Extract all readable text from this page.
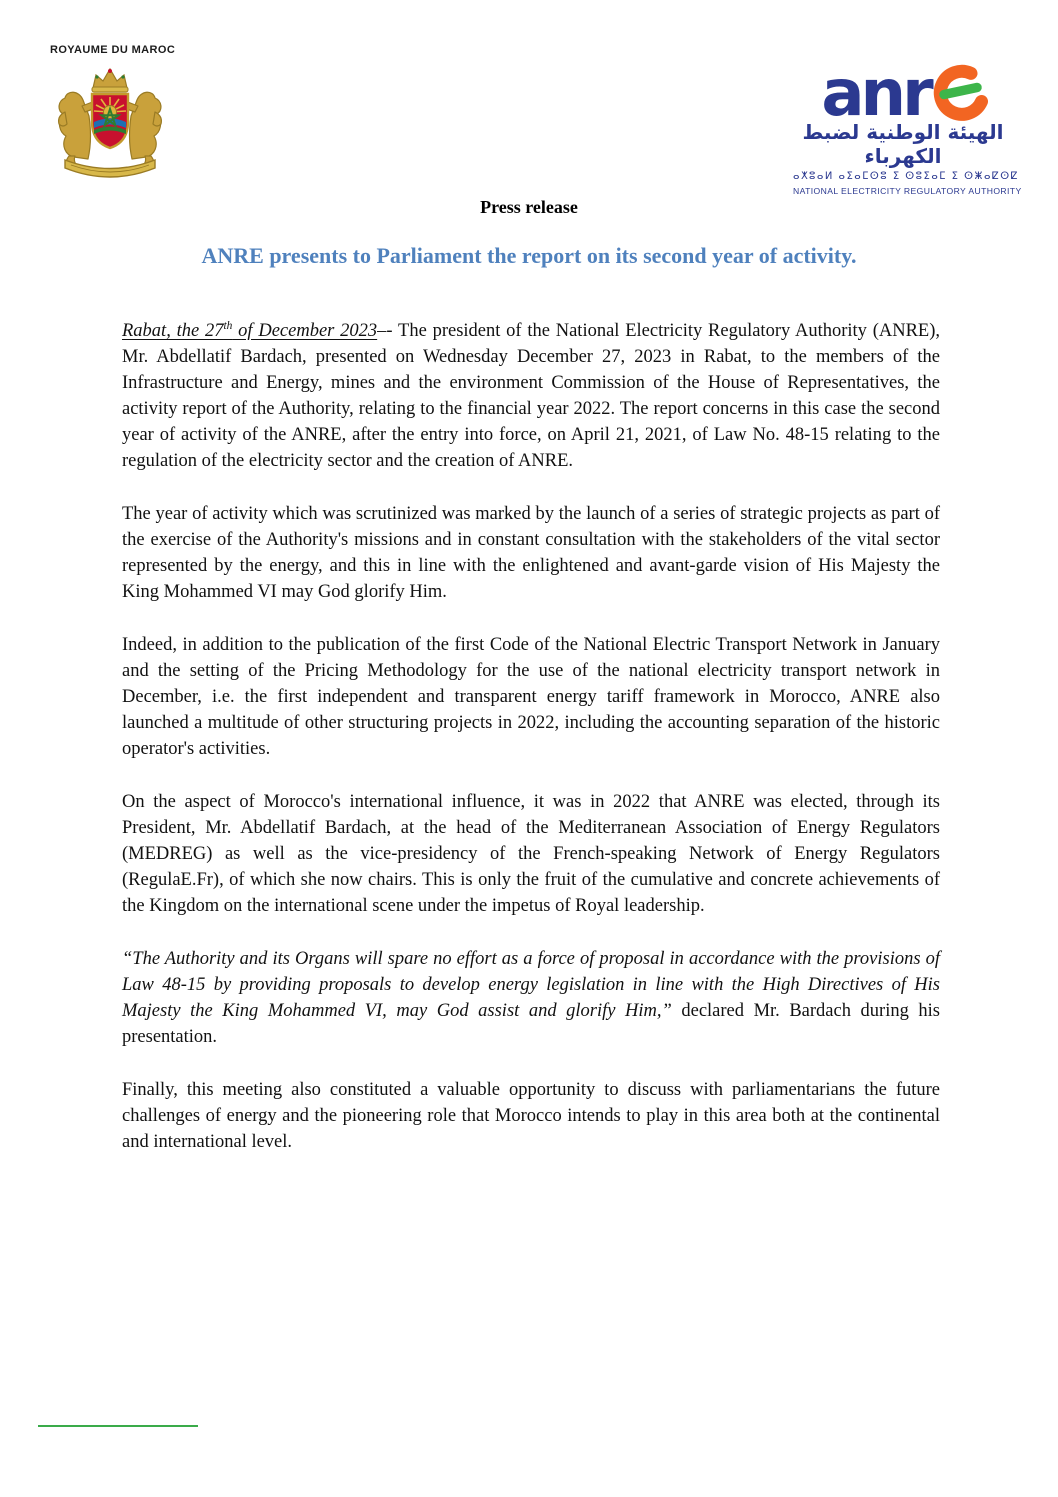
ROYAUME DU MAROC
anr
الهيئة الوطنية لضبط الكهرباء
ⴰⵅⵓⴰⵍ ⴰⵉⴰⵎⵙⵓ ⵉ ⵙⵓⵉⴰⵎ ⵉ ⵙⵥⴰⵇⵙⵇ
NATIONAL ELECTRICITY REGULATORY AUTHORITY
Press release
ANRE presents to Parliament the report on its second year of activity.

Rabat, the 27th of December 2023–- The president of the National Electricity Regulatory Authority (ANRE), Mr. Abdellatif Bardach, presented on Wednesday December 27, 2023 in Rabat, to the members of the Infrastructure and Energy, mines and the environment Commission of the House of Representatives, the activity report of the Authority, relating to the financial year 2022. The report concerns in this case the second year of activity of the ANRE, after the entry into force, on April 21, 2021, of Law No. 48-15 relating to the regulation of the electricity sector and the creation of ANRE.

The year of activity which was scrutinized was marked by the launch of a series of strategic projects as part of the exercise of the Authority's missions and in constant consultation with the stakeholders of the vital sector represented by the energy, and this in line with the enlightened and avant-garde vision of His Majesty the King Mohammed VI may God glorify Him.

Indeed, in addition to the publication of the first Code of the National Electric Transport Network in January and the setting of the Pricing Methodology for the use of the national electricity transport network in December, i.e. the first independent and transparent energy tariff framework in Morocco, ANRE also launched a multitude of other structuring projects in 2022, including the accounting separation of the historic operator's activities.

On the aspect of Morocco's international influence, it was in 2022 that ANRE was elected, through its President, Mr. Abdellatif Bardach, at the head of the Mediterranean Association of Energy Regulators (MEDREG) as well as the vice-presidency of the French-speaking Network of Energy Regulators (RegulaE.Fr), of which she now chairs. This is only the fruit of the cumulative and concrete achievements of the Kingdom on the international scene under the impetus of Royal leadership.

“The Authority and its Organs will spare no effort as a force of proposal in accordance with the provisions of Law 48-15 by providing proposals to develop energy legislation in line with the High Directives of His Majesty the King Mohammed VI, may God assist and glorify Him,” declared Mr. Bardach during his presentation.

Finally, this meeting also constituted a valuable opportunity to discuss with parliamentarians the future challenges of energy and the pioneering role that Morocco intends to play in this area both at the continental and international level.
